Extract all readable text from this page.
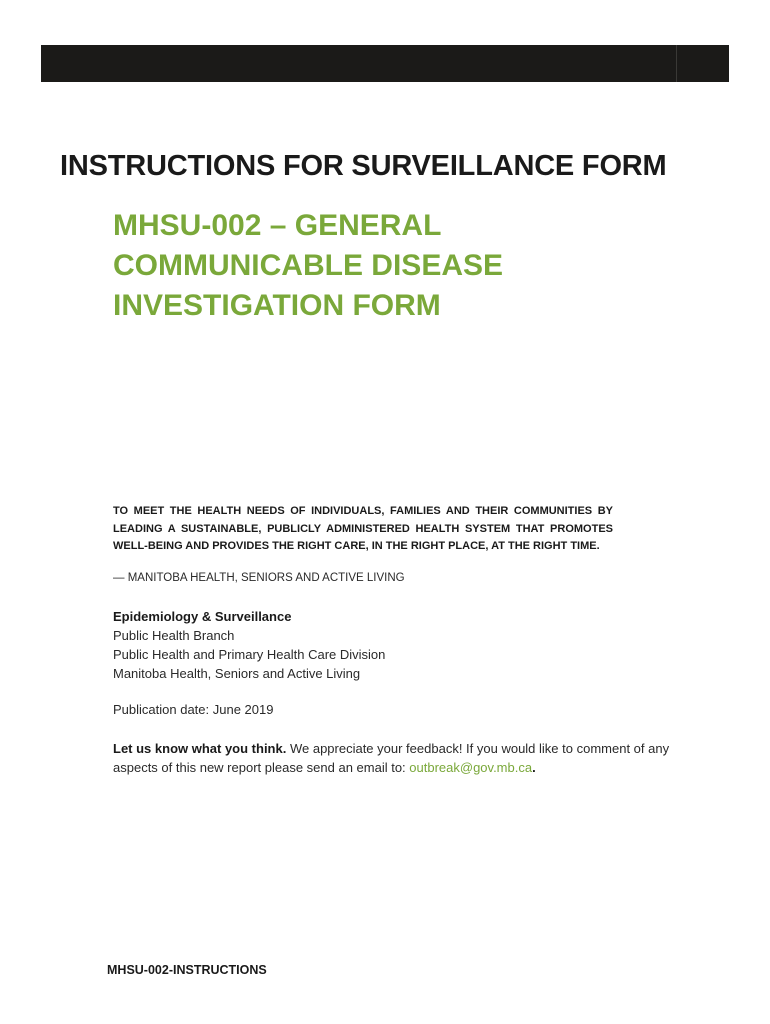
INSTRUCTIONS FOR SURVEILLANCE FORM
MHSU-002 – GENERAL
COMMUNICABLE DISEASE
INVESTIGATION FORM

TO MEET THE HEALTH NEEDS OF INDIVIDUALS, FAMILIES AND THEIR COMMUNITIES BY LEADING A SUSTAINABLE, PUBLICLY ADMINISTERED HEALTH SYSTEM THAT PROMOTES WELL-BEING AND PROVIDES THE RIGHT CARE, IN THE RIGHT PLACE, AT THE RIGHT TIME.

— MANITOBA HEALTH, SENIORS AND ACTIVE LIVING

Epidemiology & Surveillance
Public Health Branch
Public Health and Primary Health Care Division
Manitoba Health, Seniors and Active Living

Publication date: June 2019

Let us know what you think. We appreciate your feedback! If you would like to comment of any aspects of this new report please send an email to: outbreak@gov.mb.ca.

MHSU-002-INSTRUCTIONS
